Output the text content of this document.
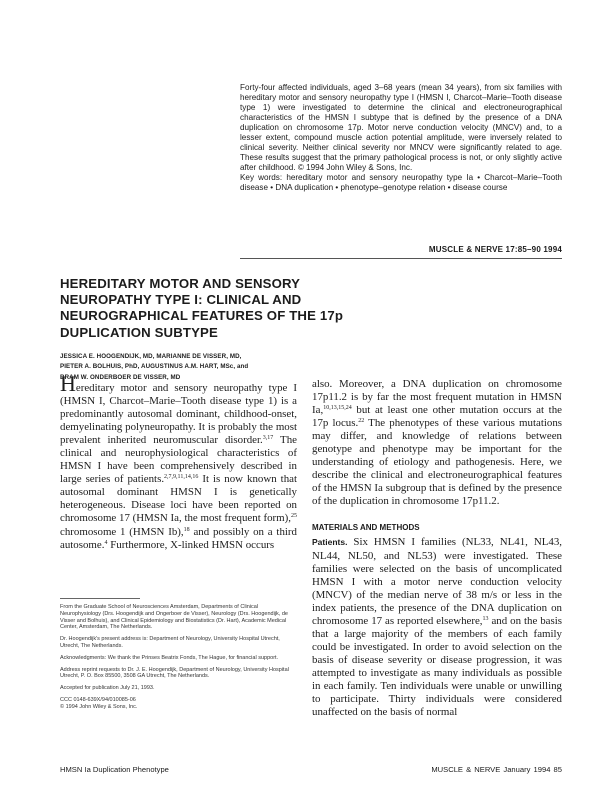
Forty-four affected individuals, aged 3–68 years (mean 34 years), from six families with hereditary motor and sensory neuropathy type I (HMSN I, Charcot–Marie–Tooth disease type 1) were investigated to determine the clinical and electroneurographical characteristics of the HMSN I subtype that is defined by the presence of a DNA duplication on chromosome 17p. Motor nerve conduction velocity (MNCV) and, to a lesser extent, compound muscle action potential amplitude, were inversely related to clinical severity. Neither clinical severity nor MNCV were significantly related to age. These results suggest that the primary pathological process is not, or only slightly active after childhood. © 1994 John Wiley & Sons, Inc.

Key words: hereditary motor and sensory neuropathy type Ia • Charcot–Marie–Tooth disease • DNA duplication • phenotype–genotype relation • disease course

MUSCLE & NERVE 17:85–90 1994
HEREDITARY MOTOR AND SENSORY NEUROPATHY TYPE I: CLINICAL AND NEUROGRAPHICAL FEATURES OF THE 17p DUPLICATION SUBTYPE
JESSICA E. HOOGENDIJK, MD, MARIANNE DE VISSER, MD,
PIETER A. BOLHUIS, PhD, AUGUSTINUS A.M. HART, MSc, and
BRAM W. ONDERBOER DE VISSER, MD

Hereditary motor and sensory neuropathy type I (HMSN I, Charcot–Marie–Tooth disease type 1) is a predominantly autosomal dominant, childhood-onset, demyelinating polyneuropathy. It is probably the most prevalent inherited neuromuscular disorder.$^{3,17}$ The clinical and neurophysiological characteristics of HMSN I have been comprehensively described in large series of patients.$^{2,7,9,11,14,16}$ It is now known that autosomal dominant HMSN I is genetically heterogeneous. Disease loci have been reported on chromosome 17 (HMSN Ia, the most frequent form),$^{25}$ chromosome 1 (HMSN Ib),$^{18}$ and possibly on a third autosome.$^4$ Furthermore, X-linked HMSN occurs

also. Moreover, a DNA duplication on chromosome 17p11.2 is by far the most frequent mutation in HMSN Ia,$^{10,13,15,24}$ but at least one other mutation occurs at the 17p locus.$^{22}$ The phenotypes of these various mutations may differ, and knowledge of relations between genotype and phenotype may be important for the understanding of etiology and pathogenesis. Here, we describe the clinical and electroneurographical features of the HMSN Ia subgroup that is defined by the presence of the duplication in chromosome 17p11.2.

MATERIALS AND METHODS

Patients. Six HMSN I families (NL33, NL41, NL43, NL44, NL50, and NL53) were investigated. These families were selected on the basis of uncomplicated HMSN I with a motor nerve conduction velocity (MNCV) of the median nerve of 38 m/s or less in the index patients, the presence of the DNA duplication on chromosome 17 as reported elsewhere,$^{13}$ and on the basis that a large majority of the members of each family could be investigated. In order to avoid selection on the basis of disease severity or disease progression, it was attempted to investigate as many individuals as possible in each family. Ten individuals were unable or unwilling to participate. Thirty individuals were considered unaffected on the basis of normal

From the Graduate School of Neurosciences Amsterdam, Departments of Clinical Neurophysiology (Drs. Hoogendijk and Ongerboer de Visser), Neurology (Drs. Hoogendijk, de Visser and Bolhuis), and Clinical Epidemiology and Biostatistics (Dr. Hart), Academic Medical Center, Amsterdam, The Netherlands.

Dr. Hoogendijk's present address is: Department of Neurology, University Hospital Utrecht, Utrecht, The Netherlands.

Acknowledgments: We thank the Prinses Beatrix Fonds, The Hague, for financial support.

Address reprint requests to Dr. J. E. Hoogendijk, Department of Neurology, University Hospital Utrecht, P. O. Box 85500, 3508 GA Utrecht, The Netherlands.

Accepted for publication July 21, 1993.

CCC 0148-639X/94/010085-06

© 1994 John Wiley & Sons, Inc.

HMSN Ia Duplication Phenotype	MUSCLE & NERVE January 1994 85
